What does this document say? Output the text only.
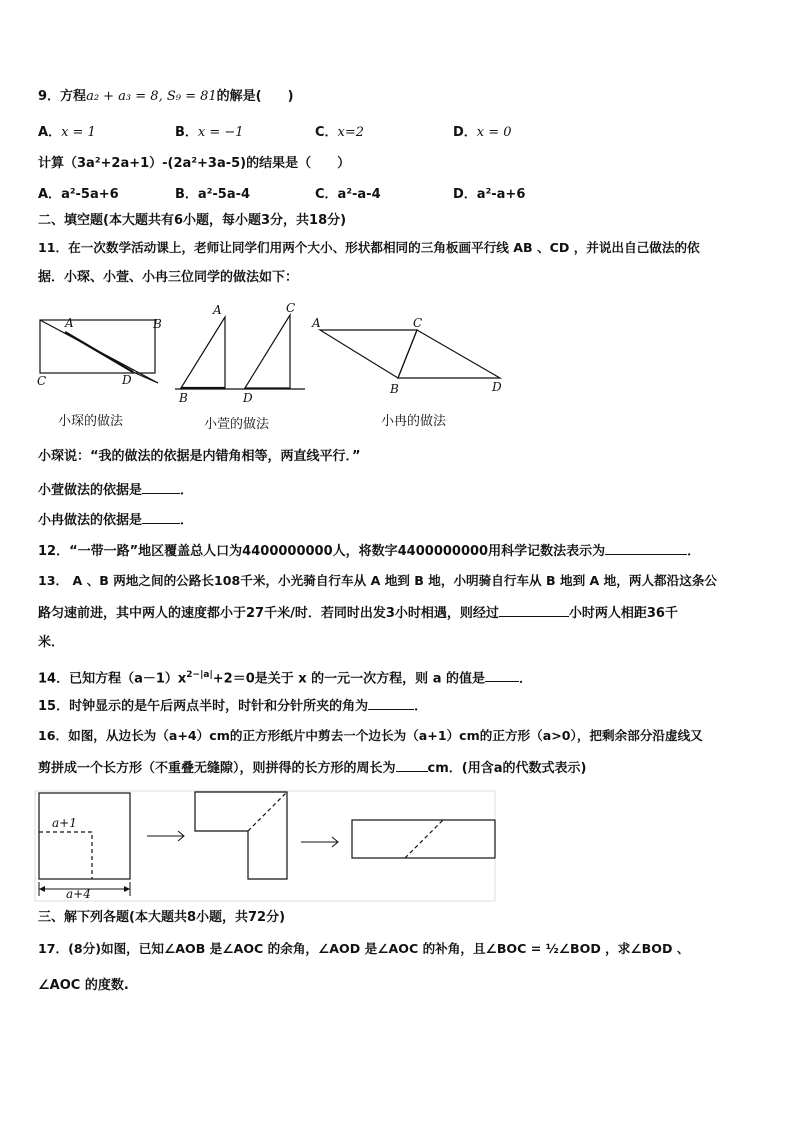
9．方程a₂ + a₃ = 8, S₉ = 81的解是(　　)
A．x = 1	B．x = −1	C．x=2	D．x = 0
计算（3a²+2a+1）-(2a²+3a-5)的结果是（　　）
A．a²-5a+6	B．a²-5a-4	C．a²-a-4	D．a²-a+6
二、填空题(本大题共有6小题，每小题3分，共18分)
11．在一次数学活动课上，老师让同学们用两个大小、形状都相同的三角板画平行线 AB 、CD ，并说出自己做法的依
据．小琛、小萱、小冉三位同学的做法如下：
A	B
C	D
小琛的做法
A	C
B	D
小萱的做法
A	C
B	D
小冉的做法
小琛说：“我的做法的依据是内错角相等，两直线平行．”
小萱做法的依据是	．
小冉做法的依据是	．
12．“一带一路”地区覆盖总人口为4400000000人，将数字4400000000用科学记数法表示为	．
13． A 、B 两地之间的公路长108千米，小光骑自行车从 A 地到 B 地，小明骑自行车从 B 地到 A 地，两人都沿这条公
路匀速前进，其中两人的速度都小于27千米/时．若同时出发3小时相遇，则经过	小时两人相距36千
米．
14．已知方程$(a-1)x^{2-|a|}+2=0$是关于 x 的一元一次方程，则 a 的值是	．
15．时钟显示的是午后两点半时，时针和分针所夹的角为	．
16．如图，从边长为（a+4）cm的正方形纸片中剪去一个边长为（a+1）cm的正方形（a>0），把剩余部分沿虚线又
剪拼成一个长方形（不重叠无缝隙），则拼得的长方形的周长为 cm．(用含a的代数式表示)
a+1
a+4
三、解下列各题(本大题共8小题，共72分)
17．(8分)如图，已知∠AOB 是∠AOC 的余角，∠AOD 是∠AOC 的补角，且∠BOC = ½∠BOD ，求∠BOD 、
∠AOC 的度数.
